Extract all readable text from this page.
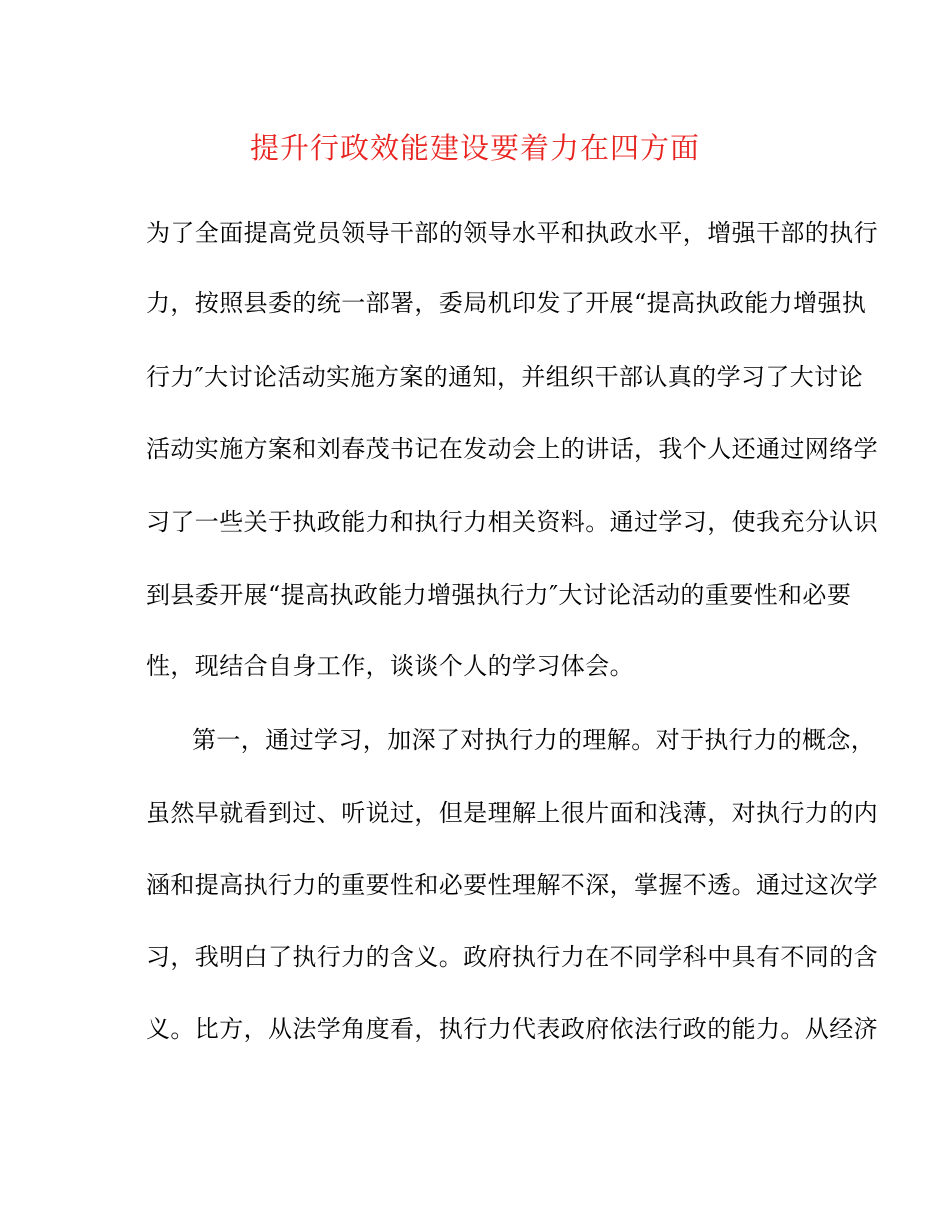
提升行政效能建设要着力在四方面
为了全面提高党员领导干部的领导水平和执政水平，增强干部的执行
力，按照县委的统一部署，委局机印发了开展“提高执政能力增强执
行力″大讨论活动实施方案的通知，并组织干部认真的学习了大讨论
活动实施方案和刘春茂书记在发动会上的讲话，我个人还通过网络学
习了一些关于执政能力和执行力相关资料。通过学习，使我充分认识
到县委开展“提高执政能力增强执行力″大讨论活动的重要性和必要
性，现结合自身工作，谈谈个人的学习体会。
第一，通过学习，加深了对执行力的理解。对于执行力的概念，
虽然早就看到过、听说过，但是理解上很片面和浅薄，对执行力的内
涵和提高执行力的重要性和必要性理解不深，掌握不透。通过这次学
习，我明白了执行力的含义。政府执行力在不同学科中具有不同的含
义。比方，从法学角度看，执行力代表政府依法行政的能力。从经济
